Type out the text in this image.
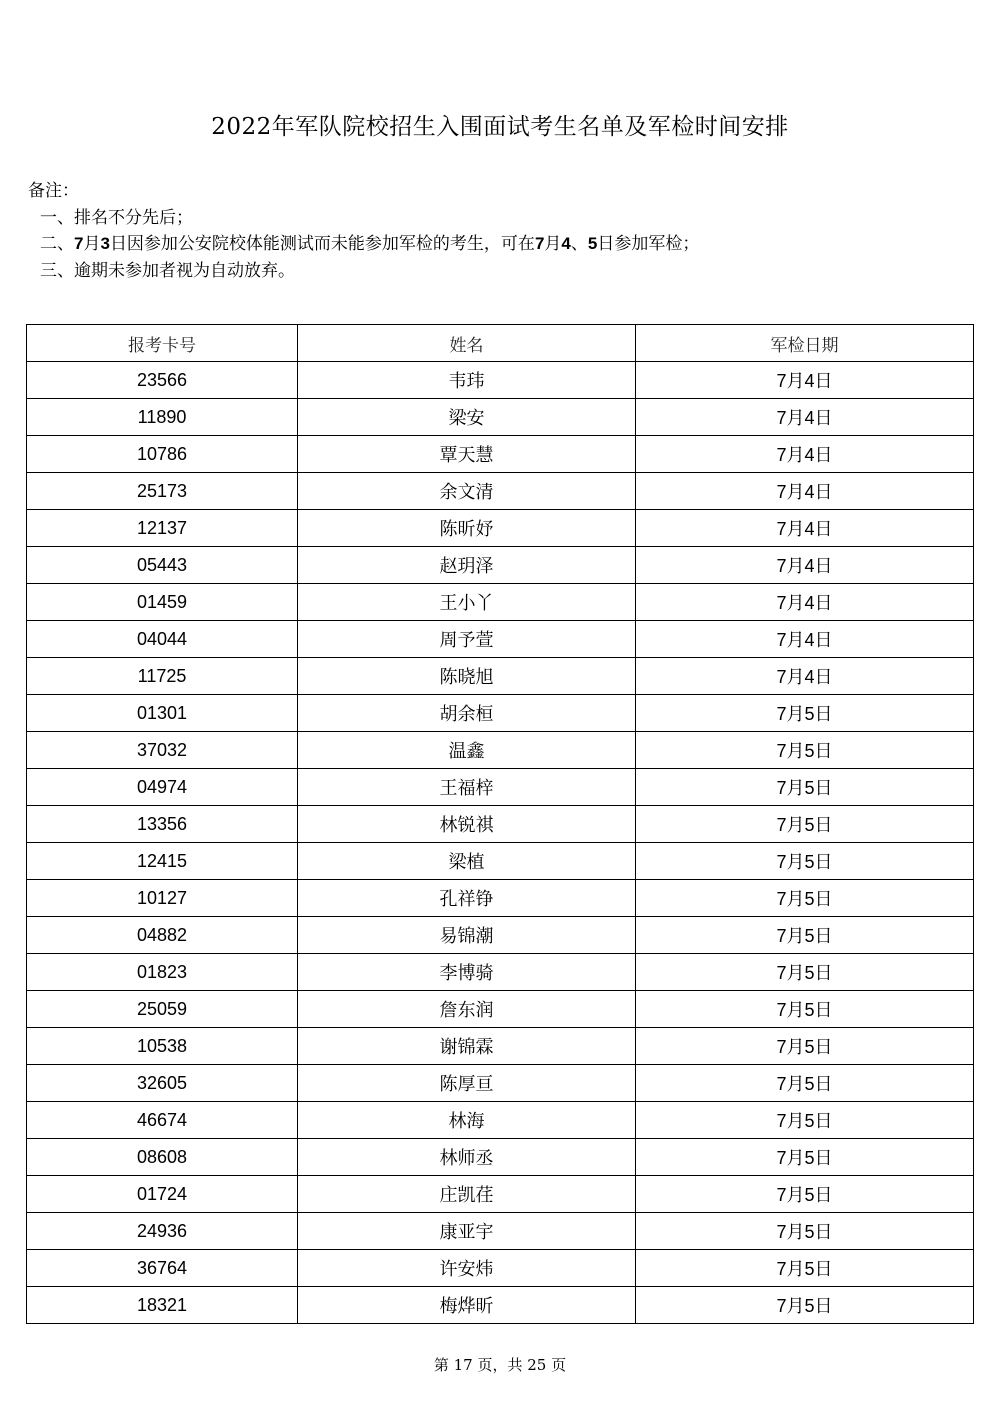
2022年军队院校招生入围面试考生名单及军检时间安排
备注：
一、排名不分先后；
二、7月3日因参加公安院校体能测试而未能参加军检的考生，可在7月4、5日参加军检；
三、逾期未参加者视为自动放弃。
报考卡号	姓名	军检日期
23566	韦玮	7月4日
11890	梁安	7月4日
10786	覃天慧	7月4日
25173	余文清	7月4日
12137	陈昕妤	7月4日
05443	赵玥泽	7月4日
01459	王小丫	7月4日
04044	周予萱	7月4日
11725	陈晓旭	7月4日
01301	胡余桓	7月5日
37032	温鑫	7月5日
04974	王福梓	7月5日
13356	林锐祺	7月5日
12415	梁植	7月5日
10127	孔祥铮	7月5日
04882	易锦潮	7月5日
01823	李博骑	7月5日
25059	詹东润	7月5日
10538	谢锦霖	7月5日
32605	陈厚亘	7月5日
46674	林海	7月5日
08608	林师丞	7月5日
01724	庄凯荏	7月5日
24936	康亚宇	7月5日
36764	许安炜	7月5日
18321	梅烨昕	7月5日
第 17 页，共 25 页
